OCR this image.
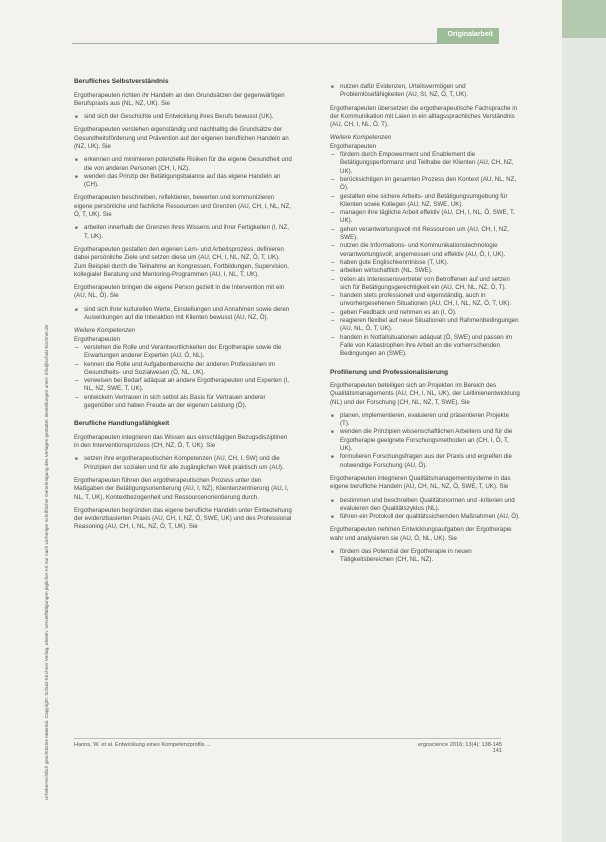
Urheberrechtlich geschütztes Material. Copyright: Schulz-Kirchner Verlag, Idstein. Vervielfältigungen jeglicher Art nur nach vorheriger schriftlicher Genehmigung des Verlages gestattet. Bestellungen unter: info@schulz-kirchner.de
Originalarbeit
Berufliches Selbstverständnis

Ergotherapeuten richten ihr Handeln an den Grundsätzen der gegenwärtigen Berufspraxis aus (NL, NZ, UK). Sie

■ sind sich der Geschichte und Entwicklung ihres Berufs bewusst (UK).

Ergotherapeuten verstehen eigenständig und nachhaltig die Grundsätze der Gesundheitsförderung und Prävention auf der eigenen beruflichen Handeln an (NZ, UK). Sie

■ erkennen und minimieren potenzielle Risiken für die eigene Gesundheit und die von anderen Personen (CH, I, NZ).
■ wenden das Prinzip der Betätigungsbalance auf das eigene Handeln an (CH).

Ergotherapeuten beschreiben, reflektieren, bewerten und kommunizieren eigene persönliche und fachliche Ressourcen und Grenzen (AU, CH, I, NL, NZ, Ö, T, UK). Sie

■ arbeiten innerhalb der Grenzen ihres Wissens und ihrer Fertigkeiten (I, NZ, T, UK).

Ergotherapeuten gestalten den eigenen Lern- und Arbeitsprozess, definieren dabei persönliche Ziele und setzen diese um (AU, CH, I, NL, NZ, Ö, T, UK). Zum Beispiel durch die Teilnahme an Kongressen, Fortbildungen, Supervision, kollegialer Beratung und Mentoring-Programmen (AU, I, NL, T, UK).

Ergotherapeuten bringen die eigene Person gezielt in die Intervention mit ein (AU, NL, Ö). Sie

■ sind sich ihrer kulturellen Werte, Einstellungen und Annahmen sowie deren Auswirkungen auf die Interaktion mit Klienten bewusst (AU, NZ, Ö).

Weitere Kompetenzen

Ergotherapeuten

– verstehen die Rolle und Verantwortlichkeiten der Ergotherapie sowie die Erwartungen anderer Experten (AU, Ö, NL).
– kennen die Rolle und Aufgabenbereiche der anderen Professionen im Gesundheits- und Sozialwesen (Ö, NL, UK).
– verweisen bei Bedarf adäquat an andere Ergotherapeuten und Experten (I, NL, NZ, SWE, T, UK).
– entwickeln Vertrauen in sich selbst als Basis für Vertrauen anderer gegenüber und haben Freude an der eigenen Leistung (Ö).
Berufliche Handlungsfähigkeit

Ergotherapeuten integrieren das Wissen aus einschlägigen Bezugsdisziplinen in den Interventionsprozess (CH, NZ, Ö, T, UK). Sie

■ setzen ihre ergotherapeutischen Kompetenzen (AU, CH, I, SW) und die Prinzipien der sozialen und für alle zugänglichen Welt praktisch um (AU).

Ergotherapeuten führen den ergotherapeutischen Prozess unter den Maßgaben der Betätigungsorientierung (AU, I, NZ), Klientenzentrierung (AU, I, NL, T, UK), Kontextbezogenheit und Ressourcenorientierung durch.

Ergotherapeuten begründen das eigene berufliche Handeln unter Einbeziehung der evidenzbasierten Praxis (AU, CH, I, NZ, Ö, SWE, UK) und des Professional Reasoning (AU, CH, I, NL, NZ, Ö, T, UK). Sie

■ nutzen dafür Evidenzen, Urteilsvermögen und Problemlösefähigkeiten (AU, SI, NZ, Ö, T, UK).

Ergotherapeuten übersetzen die ergotherapeutische Fachsprache in der Kommunikation mit Laien in ein alltagssprachliches Verständnis (AU, CH, I, NL, Ö, T).

Weitere Kompetenzen

Ergotherapeuten

– fördern durch Empowerment und Enablement die Betätigungsperformanz und Teilhabe der Klienten (AU, CH, NZ, UK).
– berücksichtigen im gesamten Prozess den Kontext (AU, NL, NZ, Ö).
– gestalten eine sichere Arbeits- und Betätigungsumgebung für Klienten sowie Kollegen (AU, NZ, SWE, UK).
– managen ihre tägliche Arbeit effektiv (AU, CH, I, NL, Ö, SWE, T, UK).
– gehen verantwortungsvoll mit Ressourcen um (AU, CH, I, NZ, SWE).
– nutzen die Informations- und Kommunikationstechnologie verantwortungsvoll, angemessen und effektiv (AU, Ö, I, UK).
– haben gute Englischkenntnisse (T, UK).
– arbeiten wirtschaftlich (NL, SWE).
– treten als Interessensvertreter von Betroffenen auf und setzen sich für Betätigungsgerechtigkeit ein (AU, CH, NL, NZ, Ö, T).
– handeln stets professionell und eigenständig, auch in unvorhergesehenen Situationen (AU, CH, I, NL, NZ, Ö, T, UK).
– geben Feedback und nehmen es an (I, Ö).
– reagieren flexibel auf neue Situationen und Rahmenbedingungen (AU, NL, Ö, T, UK).
– handeln in Notfallsituationen adäquat (Ö, SWE) und passen im Falle von Katastrophen ihre Arbeit an die vorherrschenden Bedingungen an (SWE).
Profilierung und Professionalisierung

Ergotherapeuten beteiligen sich an Projekten im Bereich des Qualitätsmanagements (AU, CH, I, NL, UK), der Leitlinienentwicklung (NL) und der Forschung (CH, NL, NZ, T, SWE). Sie

■ planen, implementieren, evaluieren und präsentieren Projekte (T).
■ wenden die Prinzipien wissenschaftlichen Arbeitens und für die Ergotherapie geeignete Forschungsmethoden an (CH, I, Ö, T, UK).
■ formulieren Forschungsfragen aus der Praxis und ergreifen die notwendige Forschung (AU, Ö).

Ergotherapeuten integrieren Qualitätsmanagementsysteme in das eigene berufliche Handeln (AU, CH, NL, NZ, Ö, SWE, T, UK). Sie

■ bestimmen und beschreiben Qualitätsnormen und -kriterien und evaluieren den Qualitätszyklus (NL).
■ führen ein Protokoll der qualitätssichernden Maßnahmen (AU, Ö).

Ergotherapeuten nehmen Entwicklungsaufgaben der Ergotherapie wahr und analysieren sie (AU, Ö, NL, UK). Sie

■ fördern das Potenzial der Ergotherapie in neuen Tätigkeitsbereichen (CH, NL, NZ).
Hanns, W. et al. Entwicklung eines Kompetenzprofils ...	ergoscience 2016; 13(4): 138-145 141
